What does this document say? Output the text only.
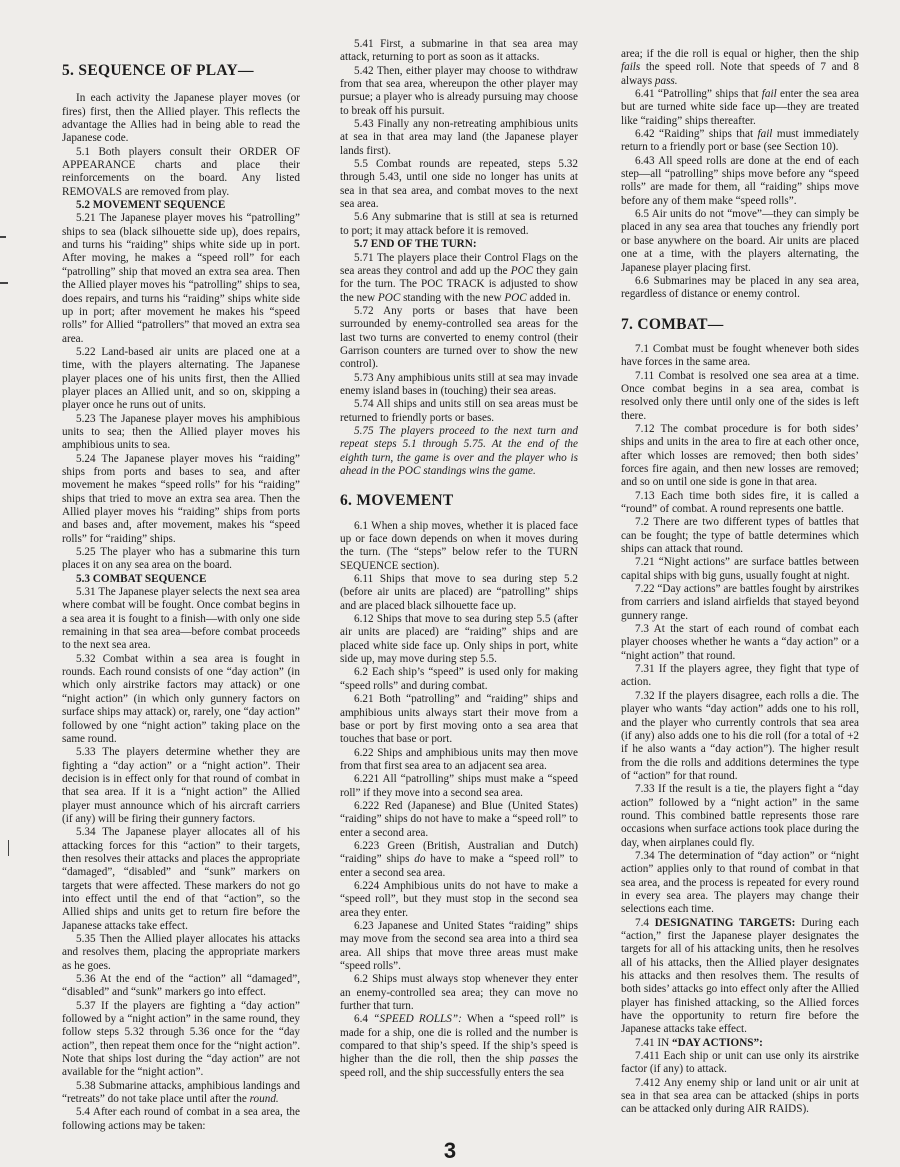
5. SEQUENCE OF PLAY—

In each activity the Japanese player moves (or fires) first, then the Allied player. This reflects the advantage the Allies had in being able to read the Japanese code.

5.1 Both players consult their ORDER OF APPEARANCE charts and place their reinforcements on the board. Any listed REMOVALS are removed from play.

5.2 MOVEMENT SEQUENCE

5.21 The Japanese player moves his “patrolling” ships to sea (black silhouette side up), does repairs, and turns his “raiding” ships white side up in port. After moving, he makes a “speed roll” for each “patrolling” ship that moved an extra sea area. Then the Allied player moves his “patrolling” ships to sea, does repairs, and turns his “raiding” ships white side up in port; after movement he makes his “speed rolls” for Allied “patrollers” that moved an extra sea area.

5.22 Land-based air units are placed one at a time, with the players alternating. The Japanese player places one of his units first, then the Allied player places an Allied unit, and so on, skipping a player once he runs out of units.

5.23 The Japanese player moves his amphibious units to sea; then the Allied player moves his amphibious units to sea.

5.24 The Japanese player moves his “raiding” ships from ports and bases to sea, and after movement he makes “speed rolls” for his “raiding” ships that tried to move an extra sea area. Then the Allied player moves his “raiding” ships from ports and bases and, after movement, makes his “speed rolls” for “raiding” ships.

5.25 The player who has a submarine this turn places it on any sea area on the board.

5.3 COMBAT SEQUENCE

5.31 The Japanese player selects the next sea area where combat will be fought. Once combat begins in a sea area it is fought to a finish—with only one side remaining in that sea area—before combat proceeds to the next sea area.

5.32 Combat within a sea area is fought in rounds. Each round consists of one “day action” (in which only airstrike factors may attack) or one “night action” (in which only gunnery factors on surface ships may attack) or, rarely, one “day action” followed by one “night action” taking place on the same round.

5.33 The players determine whether they are fighting a “day action” or a “night action”. Their decision is in effect only for that round of combat in that sea area. If it is a “night action” the Allied player must announce which of his aircraft carriers (if any) will be firing their gunnery factors.

5.34 The Japanese player allocates all of his attacking forces for this “action” to their targets, then resolves their attacks and places the appropriate “damaged”, “disabled” and “sunk” markers on targets that were affected. These markers do not go into effect until the end of that “action”, so the Allied ships and units get to return fire before the Japanese attacks take effect.

5.35 Then the Allied player allocates his attacks and resolves them, placing the appropriate markers as he goes.

5.36 At the end of the “action” all “damaged”, “disabled” and “sunk” markers go into effect.

5.37 If the players are fighting a “day action” followed by a “night action” in the same round, they follow steps 5.32 through 5.36 once for the “day action”, then repeat them once for the “night action”. Note that ships lost during the “day action” are not available for the “night action”.

5.38 Submarine attacks, amphibious landings and “retreats” do not take place until after the round.

5.4 After each round of combat in a sea area, the following actions may be taken:

5.41 First, a submarine in that sea area may attack, returning to port as soon as it attacks.

5.42 Then, either player may choose to withdraw from that sea area, whereupon the other player may pursue; a player who is already pursuing may choose to break off his pursuit.

5.43 Finally any non-retreating amphibious units at sea in that area may land (the Japanese player lands first).

5.5 Combat rounds are repeated, steps 5.32 through 5.43, until one side no longer has units at sea in that sea area, and combat moves to the next sea area.

5.6 Any submarine that is still at sea is returned to port; it may attack before it is removed.

5.7 END OF THE TURN:

5.71 The players place their Control Flags on the sea areas they control and add up the POC they gain for the turn. The POC TRACK is adjusted to show the new POC standing with the new POC added in.

5.72 Any ports or bases that have been surrounded by enemy-controlled sea areas for the last two turns are converted to enemy control (their Garrison counters are turned over to show the new control).

5.73 Any amphibious units still at sea may invade enemy island bases in (touching) their sea areas.

5.74 All ships and units still on sea areas must be returned to friendly ports or bases.

5.75 The players proceed to the next turn and repeat steps 5.1 through 5.75. At the end of the eighth turn, the game is over and the player who is ahead in the POC standings wins the game.

6. MOVEMENT

6.1 When a ship moves, whether it is placed face up or face down depends on when it moves during the turn. (The “steps” below refer to the TURN SEQUENCE section).

6.11 Ships that move to sea during step 5.2 (before air units are placed) are “patrolling” ships and are placed black silhouette face up.

6.12 Ships that move to sea during step 5.5 (after air units are placed) are “raiding” ships and are placed white side face up. Only ships in port, white side up, may move during step 5.5.

6.2 Each ship’s “speed” is used only for making “speed rolls” and during combat.

6.21 Both “patrolling” and “raiding” ships and amphibious units always start their move from a base or port by first moving onto a sea area that touches that base or port.

6.22 Ships and amphibious units may then move from that first sea area to an adjacent sea area.

6.221 All “patrolling” ships must make a “speed roll” if they move into a second sea area.

6.222 Red (Japanese) and Blue (United States) “raiding” ships do not have to make a “speed roll” to enter a second area.

6.223 Green (British, Australian and Dutch) “raiding” ships do have to make a “speed roll” to enter a second sea area.

6.224 Amphibious units do not have to make a “speed roll”, but they must stop in the second sea area they enter.

6.23 Japanese and United States “raiding” ships may move from the second sea area into a third sea area. All ships that move three areas must make “speed rolls”.

6.2 Ships must always stop whenever they enter an enemy-controlled sea area; they can move no further that turn.

6.4 “SPEED ROLLS”: When a “speed roll” is made for a ship, one die is rolled and the number is compared to that ship’s speed. If the ship’s speed is higher than the die roll, then the ship passes the speed roll, and the ship successfully enters the sea

area; if the die roll is equal or higher, then the ship fails the speed roll. Note that speeds of 7 and 8 always pass.

6.41 “Patrolling” ships that fail enter the sea area but are turned white side face up—they are treated like “raiding” ships thereafter.

6.42 “Raiding” ships that fail must immediately return to a friendly port or base (see Section 10).

6.43 All speed rolls are done at the end of each step—all “patrolling” ships move before any “speed rolls” are made for them, all “raiding” ships move before any of them make “speed rolls”.

6.5 Air units do not “move”—they can simply be placed in any sea area that touches any friendly port or base anywhere on the board. Air units are placed one at a time, with the players alternating, the Japanese player placing first.

6.6 Submarines may be placed in any sea area, regardless of distance or enemy control.

7. COMBAT—

7.1 Combat must be fought whenever both sides have forces in the same area.

7.11 Combat is resolved one sea area at a time. Once combat begins in a sea area, combat is resolved only there until only one of the sides is left there.

7.12 The combat procedure is for both sides’ ships and units in the area to fire at each other once, after which losses are removed; then both sides’ forces fire again, and then new losses are removed; and so on until one side is gone in that area.

7.13 Each time both sides fire, it is called a “round” of combat. A round represents one battle.

7.2 There are two different types of battles that can be fought; the type of battle determines which ships can attack that round.

7.21 “Night actions” are surface battles between capital ships with big guns, usually fought at night.

7.22 “Day actions” are battles fought by airstrikes from carriers and island airfields that stayed beyond gunnery range.

7.3 At the start of each round of combat each player chooses whether he wants a “day action” or a “night action” that round.

7.31 If the players agree, they fight that type of action.

7.32 If the players disagree, each rolls a die. The player who wants “day action” adds one to his roll, and the player who currently controls that sea area (if any) also adds one to his die roll (for a total of +2 if he also wants a “day action”). The higher result from the die rolls and additions determines the type of “action” for that round.

7.33 If the result is a tie, the players fight a “day action” followed by a “night action” in the same round. This combined battle represents those rare occasions when surface actions took place during the day, when airplanes could fly.

7.34 The determination of “day action” or “night action” applies only to that round of combat in that sea area, and the process is repeated for every round in every sea area. The players may change their selections each time.

7.4 DESIGNATING TARGETS: During each “action,” first the Japanese player designates the targets for all of his attacking units, then he resolves all of his attacks, then the Allied player designates his attacks and then resolves them. The results of both sides’ attacks go into effect only after the Allied player has finished attacking, so the Allied forces have the opportunity to return fire before the Japanese attacks take effect.

7.41 IN “DAY ACTIONS”:

7.411 Each ship or unit can use only its airstrike factor (if any) to attack.

7.412 Any enemy ship or land unit or air unit at sea in that sea area can be attacked (ships in ports can be attacked only during AIR RAIDS).

3
